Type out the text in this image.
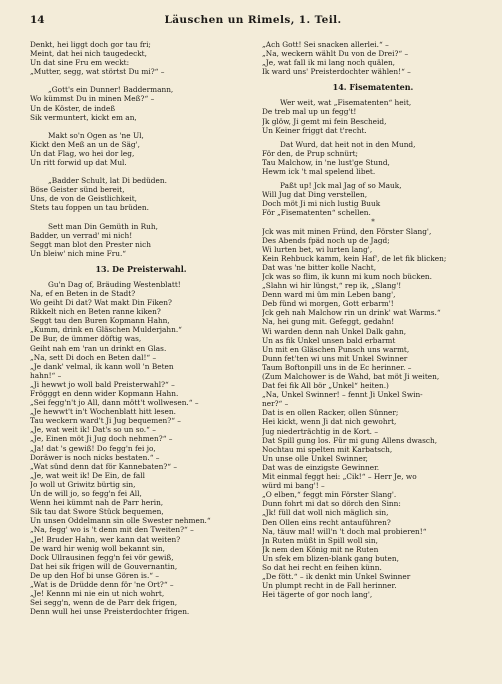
14	Läuschen un Rimels, 1. Teil.
Denkt, hei liggt doch gor tau fri;
Meint, dat hei nich taugedeckt,
Un dat sine Fru em weckt:
„Mutter, segg, wat störtst Du mi?“ –
„Gott's ein Dunner! Baddermann,
Wo kümmst Du in minen Meß?“ –
Un de Köster, de indeß
Sik vermuntert, kickt em an,
Makt so'n Ogen as 'ne Ul,
Kickt den Meß an un de Säg',
Un dat Flag, wo hei dor leg,
Un ritt forwid up dat Mul.
„Badder Schult, lat Di bedüden.
Böse Geister sünd bereit,
Uns, de von de Geistlichkeit,
Stets tau foppen un tau brüden.
Sett man Din Gemüth in Ruh,
Badder, un verrad' mi nich!
Seggt man blot den Prester nich
Un bleiw' nich mine Fru.“
13. De Preisterwahl.
Gu'n Dag of, Bräuding Westenblatt!
Na, ef en Beten in de Stadt?
Wo geiht Di dat? Wat makt Din Fiken?
Rikkelt nich en Beten ranne kiken?
Seggt tau den Buren Kopmann Hahn,
„Kumm, drink en Gläschen Mulderjahn.“
De Bur, de ümmer döftig was,
Geiht nah em 'ran un drinkt en Glas.
„Na, sett Di doch en Beten dal!“ –
„Je dank' velmal, ik kann woll 'n Beten
hahn!“ –
„Ji hewwt jo woll bald Preisterwahl?“ –
Frögggt en denn wider Kopmann Hahn.
„Sei fegg'n't jo All, dann mött't wollwesen.“ –
„Je hewwt't in't Wochenblatt hitt lesen.
Tau weckern ward't Ji Jug bequemen?“ –
„Je, wat weit ik! Dat's so un so.“ –
„Je, Einen möt Ji Jug doch nehmen?“ –
„Ja! dat 's gewiß! Do fegg'n fei jo,
Doräwer is noch nicks bestaten.“ –
„Wat sünd denn dat för Kannebaten?“ –
„Je, wat weit ik! De Ein, de fall
Jo woll ut Griwitz bürtig sin,
Un de will jo, so fegg'n fei All,
Wenn hei kümmt nah de Parr herin,
Sik tau dat Swore Stück bequemen,
Un unsen Oddelmann sin olle Swester nehmen.“
„Na, fegg' wo is 't denn mit den Tweiten?“ –
„Je! Bruder Hahn, wer kann dat weiten?
De ward hir wenig woll bekannt sin,
Dock Ullrausinen fegg'n fei vör gewiß,
Dat hei sik frigen will de Gouvernantin,
De up den Hof bi unse Gören is.“ –
„Wat is de Drüdde denn för 'ne Ort?“ –
„Je! Kennn mi nie ein ut nich wohrt,
Sei segg'n, wenn de de Parr dek frigen,
Denn wull hei unse Preisterdochter frigen.
„Ach Gott! Sei snacken allerlei.“ –
„Na, weckern wählt Du von de Drei?“ –
„Je, wat fall ik mi lang noch quälen,
Ik ward uns' Preisterdochter wählen!“ –
14. Fisematenten.
Wer weit, wat „Fisematenten“ heit,
De treb mal up un fegg't!
Jk glöw, Ji gemt mi fein Bescheid,
Un Keiner friggt dat t'recht.
Dat Wurd, dat heit not in den Mund,
För den, de Prup schnürt;
Tau Malchow, in 'ne lust'ge Stund,
Hewm ick 't mal spelend libet.
Paßt up! Jck mal Jag of so Mauk,
Will Jug dat Ding verstellen,
Doch möt Ji mi nich lustig Buuk
För „Fisematenten“ schellen.
*
Jck was mit minen Fründ, den Förster Slang',
Des Abends fpäd noch up de Jagd;
Wi lurten bet, wi lurten lang',
Kein Rehbuck kamm, kein Haf', de let fik blicken;
Dat was 'ne bitter kolle Nacht,
Jck was so flim, ik kunn mi kum noch bücken.
„Slahn wi hir lüngst,“ rep ik, „Slang'!
Denn ward mi üm min Leben bang',
Deb fünd wi morgen, Gott erbarm'!
Jck geh nah Malchow rin un drink' wat Warms.“
Na, hei gung mit. Gefeggt, gedahn!
Wi warden denn nah Unkel Dalk gahn,
Un as fik Unkel unsen bald erbarmt
Un mit en Gläschen Punsch uns warmt,
Dunn fet'ten wi uns mit Unkel Swinner
Taum Boftonpill uns in de Ec herinner. –
(Zum Malchower is de Wahd, bat möt Ji weiten,
Dat fei fik All bör „Unkel“ heiten.)
„Na, Unkel Swinner! – fennt Ji Unkel Swin-
ner?“ –
Dat is en ollen Racker, ollen Sünner;
Hei kickt, wenn Ji dat nich gewohrt,
Jug niederträchtig in de Kort. –
Dat Spill gung los. Für mi gung Allens dwasch,
Nochtau mi spelten mit Karbatsch,
Un unse olle Unkel Swinner,
Dat was de einzigste Gewinner.
Mit einmal feggt hei: „Cik!“ – Herr Je, wo
würd mi bang'! –
„O elben,“ feggt min Förster Slang'.
Dunn fohrt mi dat so dörch den Sinn:
„Jk! füll dat woll nich mäglich sin,
Den Ollen eins recht antauführen?
Na, täuw mal! will'n 't doch mal probieren!“
Jn Ruten müßt in Spill woll sin,
Jk nem den König mit ne Ruten
Un sfek em blizen-blank gang buten,
So dat hei recht en feihen künn.
„De fött.“ – ik denkt min Unkel Swinner
Un plumpt recht in de Fall herinner.
Hei tägerte of gor noch lang',
